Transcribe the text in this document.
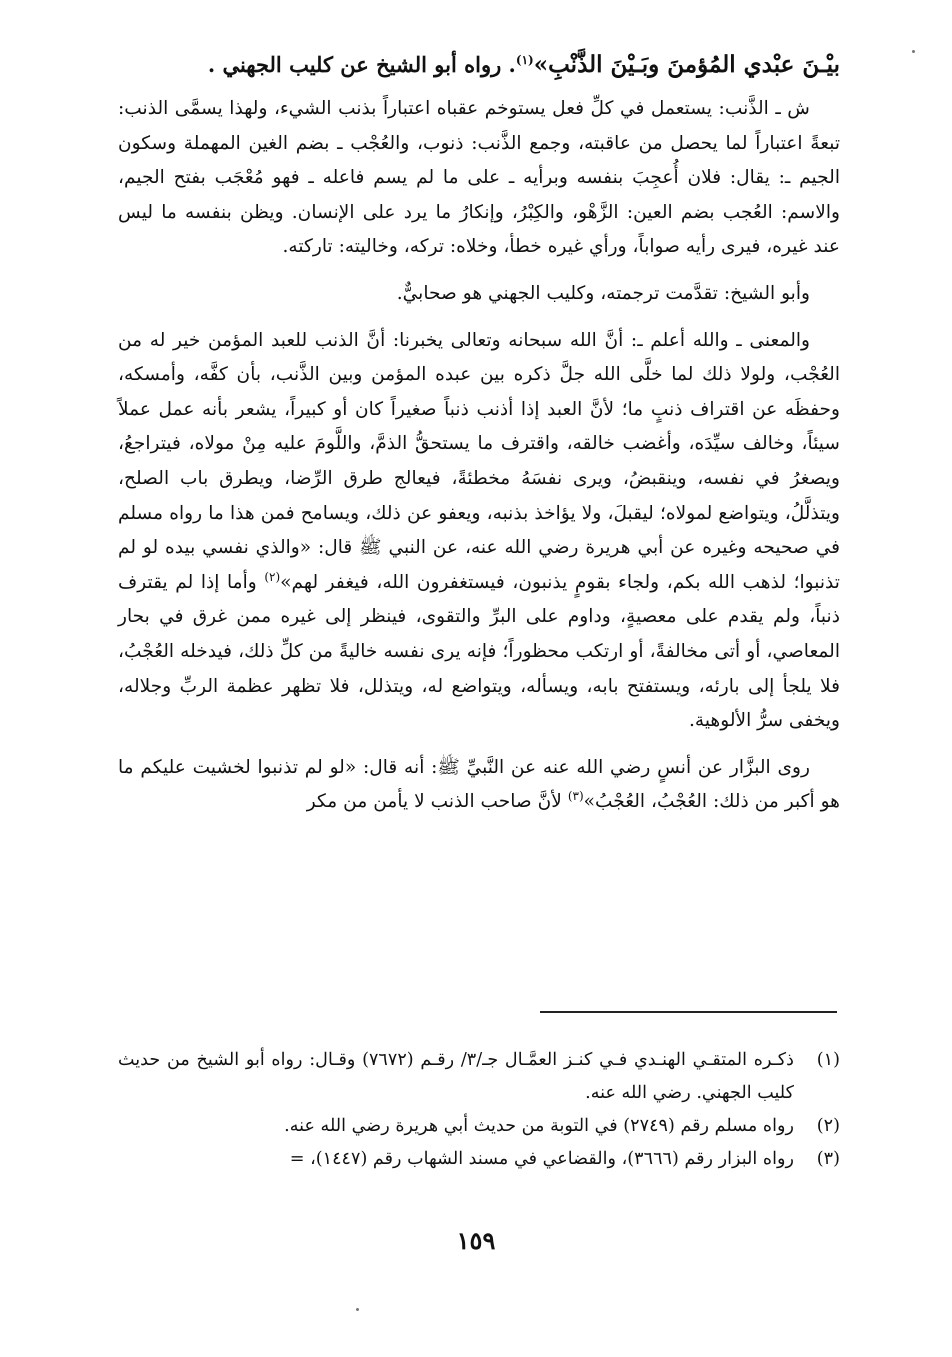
بيْـنَ عبْدي المُؤمنَ وبَـيْنَ الذَّنْبِ»$^{(١)}$. رواه أبو الشيخ عن كليب الجهني .

ش ـ الذَّنب: يستعمل في كلِّ فعل يستوخم عقباه اعتباراً بذنب الشيء، ولهذا يسمَّى الذنب: تبعةً اعتباراً لما يحصل من عاقبته، وجمع الذَّنب: ذنوب، والعُجْب ـ بضم الغين المهملة وسكون الجيم ـ: يقال: فلان أُعجِبَ بنفسه وبرأيه ـ على ما لم يسم فاعله ـ فهو مُعْجَب بفتح الجيم، والاسم: العُجب بضم العين: الزَّهْو، والكِبْرُ، وإنكارُ ما يرد على الإنسان. ويظن بنفسه ما ليس عند غيره، فيرى رأيه صواباً، ورأي غيره خطأ، وخلاه: تركه، وخاليته: تاركته.

وأبو الشيخ: تقدَّمت ترجمته، وكليب الجهني هو صحابيٌّ.

والمعنى ـ والله أعلم ـ: أنَّ الله سبحانه وتعالى يخبرنا: أنَّ الذنب للعبد المؤمن خير له من العُجْب، ولولا ذلك لما خلَّى الله جلَّ ذكره بين عبده المؤمن وبين الذَّنب، بأن كفَّه، وأمسكه، وحفظَه عن اقتراف ذنبٍ ما؛ لأنَّ العبد إذا أذنب ذنباً صغيراً كان أو كبيراً، يشعر بأنه عمل عملاً سيئاً، وخالف سيِّدَه، وأغضب خالقه، واقترف ما يستحقُّ الذمَّ، واللَّومَ عليه مِنْ مولاه، فيتراجعُ، ويصغرُ في نفسه، وينقبضُ، ويرى نفسَهُ مخطئةً، فيعالج طرق الرِّضا، ويطرق باب الصلح، ويتذلَّلُ، ويتواضع لمولاه؛ ليقبلَ، ولا يؤاخذ بذنبه، ويعفو عن ذلك، ويسامح فمن هذا ما رواه مسلم في صحيحه وغيره عن أبي هريرة رضي الله عنه، عن النبي ﷺ قال: «والذي نفسي بيده لو لم تذنبوا؛ لذهب الله بكم، ولجاء بقومٍ يذنبون، فيستغفرون الله، فيغفر لهم»$^{(٢)}$ وأما إذا لم يقترف ذنباً، ولم يقدم على معصيةٍ، وداوم على البرِّ والتقوى، فينظر إلى غيره ممن غرق في بحار المعاصي، أو أتى مخالفةً، أو ارتكب محظوراً؛ فإنه يرى نفسه خاليةً من كلِّ ذلك، فيدخله العُجْبُ، فلا يلجأ إلى بارئه، ويستفتح بابه، ويسأله، ويتواضع له، ويتذلل، فلا تظهر عظمة الربِّ وجلاله، ويخفى سرُّ الألوهية.

روى البزَّار عن أنسٍ رضي الله عنه عن النَّبيِّ ﷺ: أنه قال: «لو لم تذنبوا لخشيت عليكم ما هو أكبر من ذلك: العُجْبُ، العُجْبُ»$^{(٣)}$ لأنَّ صاحب الذنب لا يأمن من مكر

(١)
ذكـره المتقـي الهنـدي فـي كنـز العمَّـال جـ/٣/ رقـم (٧٦٧٢) وقـال: رواه أبو الشيخ من حديث كليب الجهني. رضي الله عنه.
(٢)
رواه مسلم رقم (٢٧٤٩) في التوبة من حديث أبي هريرة رضي الله عنه.
(٣)
رواه البزار رقم (٣٦٦٦)، والقضاعي في مسند الشهاب رقم (١٤٤٧)، =
١٥٩
